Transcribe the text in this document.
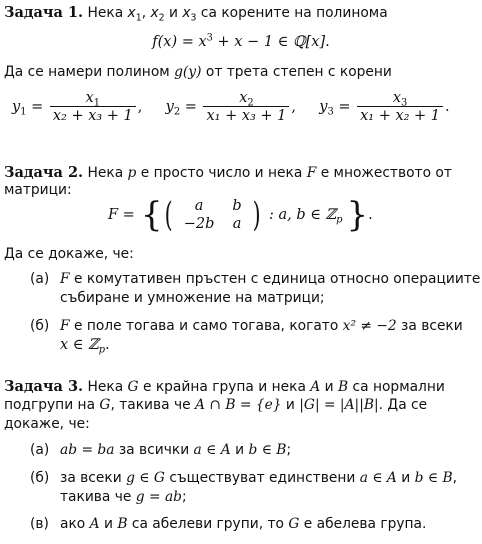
Задача 1. Нека $x_1$, $x_2$ и $x_3$ са корените на полинома
$f(x) = x^3 + x - 1$ ∈ ℚ[x].
Да се намери полином g(y) от трета степен с корени
$y_1 = \frac{x_1}{\text{x₂ + x₃ + 1}}$ ,  $y_2 = \frac{x_2}{\text{x₁ + x₃ + 1}}$ ,  $y_3 = \frac{x_3}{\text{x₁ + x₂ + 1}}$ .
Задача 2. Нека p е просто число и нека F е множеството от
матрици:
F = { (	a	b
−2b a ) : a, b ∈ ℤ$_p$ } .
Да се докаже, че:
(а) F е комутативен пръстен с единица относно операциите
събиране и умножение на матрици;
(б) F е поле тогава и само тогава, когато x² ≠ −2 за всеки
x ∈ ℤ$_p$.
Задача 3. Нека G е крайна група и нека A и B са нормални
подгрупи на G, такива че A ∩ B = {e} и |G| = |A||B|. Да се
докаже, че:
(а) ab = ba за всички a ∈ A и b ∈ B;
(б) за всеки g ∈ G съществуват единствени a ∈ A и b ∈ B,
такива че g = ab;
(в) ако A и B са абелеви групи, то G е абелева група.
